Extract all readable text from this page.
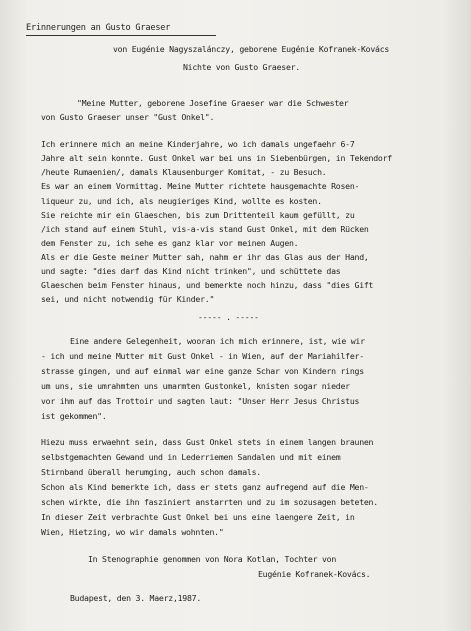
Erinnerungen an Gusto Graeser
von Eugénie Nagyszalánczy, geborene Eugénie Kofranek-Kovács
Nichte von Gusto Graeser.
"Meine Mutter, geborene Josefine Graeser war die Schwester
von Gusto Graeser unser "Gust Onkel".
Ich erinnere mich an meine Kinderjahre, wo ich damals ungefaehr 6-7
Jahre alt sein konnte. Gust Onkel war bei uns in Siebenbürgen, in Tekendorf
/heute Rumaenien/, damals Klausenburger Komitat, - zu Besuch.
Es war an einem Vormittag. Meine Mutter richtete hausgemachte Rosen-
liqueur zu, und ich, als neugieriges Kind, wollte es kosten.
Sie reichte mir ein Glaeschen, bis zum Drittenteil kaum gefüllt, zu
/ich stand auf einem Stuhl, vis-a-vis stand Gust Onkel, mit dem Rücken
dem Fenster zu, ich sehe es ganz klar vor meinen Augen.
Als er die Geste meiner Mutter sah, nahm er ihr das Glas aus der Hand,
und sagte: "dies darf das Kind nicht trinken", und schüttete das
Glaeschen beim Fenster hinaus, und bemerkte noch hinzu, dass "dies Gift
sei, und nicht notwendig für Kinder."
----- . -----
Eine andere Gelegenheit, wooran ich mich erinnere, ist, wie wir
- ich und meine Mutter mit Gust Onkel - in Wien, auf der Mariahilfer-
strasse gingen, und auf einmal war eine ganze Schar von Kindern rings
um uns, sie umrahmten uns umarmten Gustonkel, knisten sogar nieder
vor ihm auf das Trottoir und sagten laut: "Unser Herr Jesus Christus
ist gekommen".
Hiezu muss erwaehnt sein, dass Gust Onkel stets in einem langen braunen
selbstgemachten Gewand und in Lederriemen Sandalen und mit einem
Stirnband überall herumging, auch schon damals.
Schon als Kind bemerkte ich, dass er stets ganz aufregend auf die Men-
schen wirkte, die ihn fasziniert anstarrten und zu im sozusagen beteten.
In dieser Zeit verbrachte Gust Onkel bei uns eine laengere Zeit, in
Wien, Hietzing, wo wir damals wohnten."
In Stenographie genommen von Nora Kotlan, Tochter von
Eugénie Kofranek-Kovács.
Budapest, den 3. Maerz,1987.
